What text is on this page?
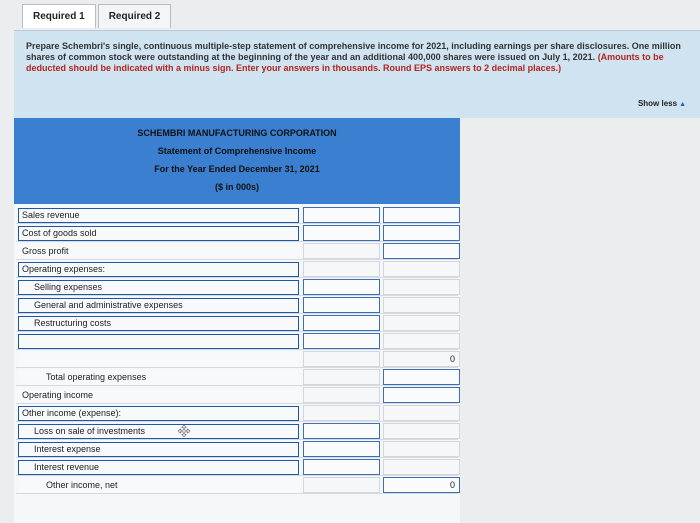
Required 1	Required 2
Prepare Schembri's single, continuous multiple-step statement of comprehensive income for 2021, including earnings per share disclosures. One million shares of common stock were outstanding at the beginning of the year and an additional 400,000 shares were issued on July 1, 2021. (Amounts to be deducted should be indicated with a minus sign. Enter your answers in thousands. Round EPS answers to 2 decimal places.)
Show less ▲
SCHEMBRI MANUFACTURING CORPORATION
Statement of Comprehensive Income
For the Year Ended December 31, 2021
($ in 000s)
Sales revenue
Cost of goods sold
Gross profit
Operating expenses:
Selling expenses
General and administrative expenses
Restructuring costs
0
Total operating expenses
Operating income
Other income (expense):
Loss on sale of investments
Interest expense
Interest revenue
Other income, net	0
